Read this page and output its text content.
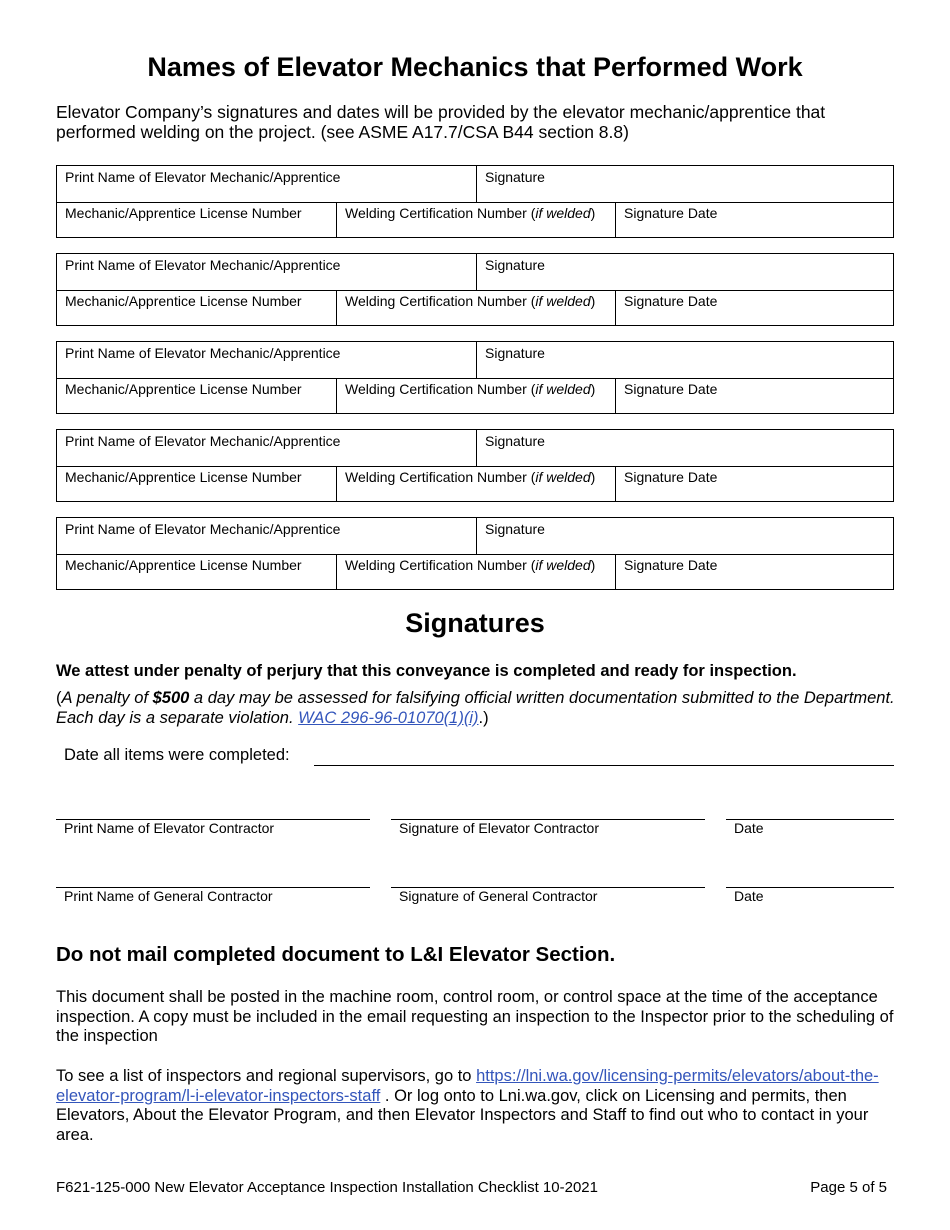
Names of Elevator Mechanics that Performed Work
Elevator Company’s signatures and dates will be provided by the elevator mechanic/apprentice that performed welding on the project. (see ASME A17.7/CSA B44 section 8.8)
Print Name of Elevator Mechanic/Apprentice	Signature
Mechanic/Apprentice License Number	Welding Certification Number (if welded)	Signature Date
Print Name of Elevator Mechanic/Apprentice	Signature
Mechanic/Apprentice License Number	Welding Certification Number (if welded)	Signature Date
Print Name of Elevator Mechanic/Apprentice	Signature
Mechanic/Apprentice License Number	Welding Certification Number (if welded)	Signature Date
Print Name of Elevator Mechanic/Apprentice	Signature
Mechanic/Apprentice License Number	Welding Certification Number (if welded)	Signature Date
Print Name of Elevator Mechanic/Apprentice	Signature
Mechanic/Apprentice License Number	Welding Certification Number (if welded)	Signature Date
Signatures
We attest under penalty of perjury that this conveyance is completed and ready for inspection.
(A penalty of $500 a day may be assessed for falsifying official written documentation submitted to the Department. Each day is a separate violation. WAC 296-96-01070(1)(i).)
Date all items were completed:
Print Name of Elevator Contractor	Signature of Elevator Contractor	Date
Print Name of General Contractor	Signature of General Contractor	Date
Do not mail completed document to L&I Elevator Section.
This document shall be posted in the machine room, control room, or control space at the time of the acceptance inspection. A copy must be included in the email requesting an inspection to the Inspector prior to the scheduling of the inspection
To see a list of inspectors and regional supervisors, go to https://lni.wa.gov/licensing-permits/elevators/about-the-elevator-program/l-i-elevator-inspectors-staff . Or log onto to Lni.wa.gov, click on Licensing and permits, then Elevators, About the Elevator Program, and then Elevator Inspectors and Staff to find out who to contact in your area.
F621-125-000 New Elevator Acceptance Inspection Installation Checklist 10-2021	Page 5 of 5
